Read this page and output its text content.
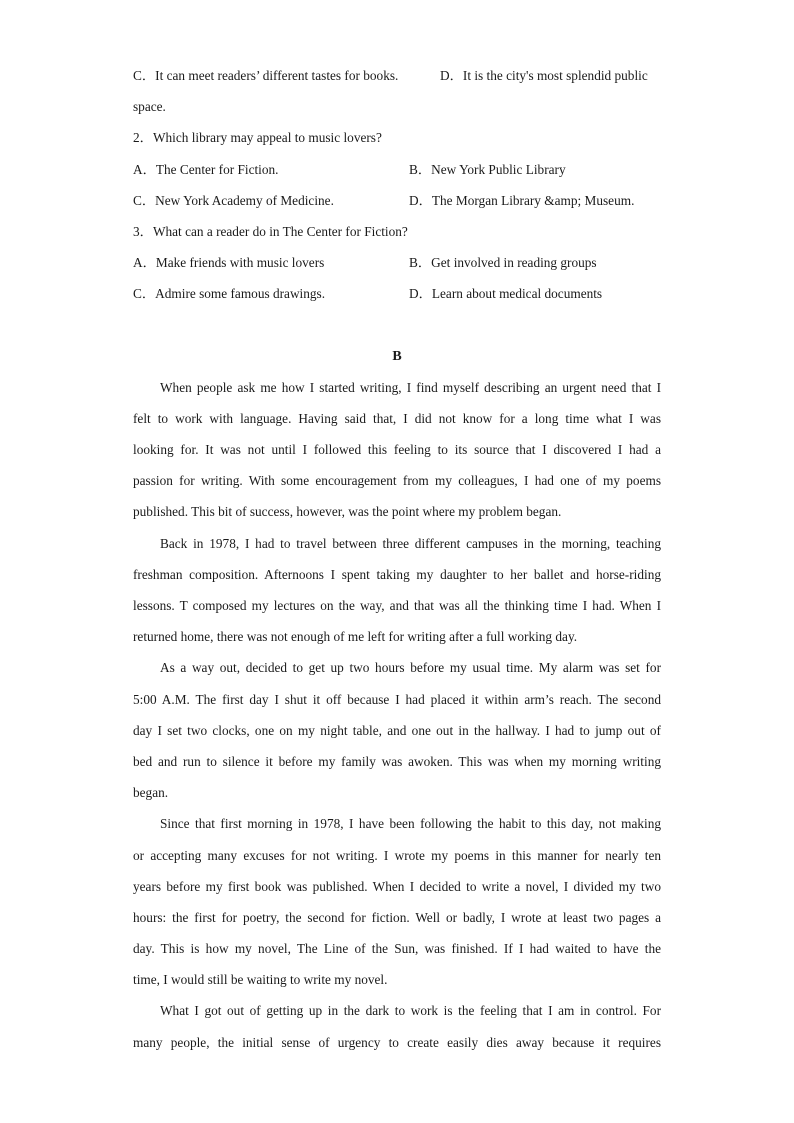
C．It can meet readers’ different tastes for books.	D．It is the city's most splendid public
space.
2．Which library may appeal to music lovers?
A．The Center for Fiction.	B．New York Public Library
C．New York Academy of Medicine.	D．The Morgan Library &amp; Museum.
3．What can a reader do in The Center for Fiction?
A．Make friends with music lovers	B．Get involved in reading groups
C．Admire some famous drawings.	D．Learn about medical documents
B
When people ask me how I started writing, I find myself describing an urgent need that I
felt to work with language. Having said that, I did not know for a long time what I was
looking for. It was not until I followed this feeling to its source that I discovered I had a
passion for writing. With some encouragement from my colleagues, I had one of my poems
published. This bit of success, however, was the point where my problem began.
Back in 1978, I had to travel between three different campuses in the morning, teaching
freshman composition. Afternoons I spent taking my daughter to her ballet and horse-riding
lessons. T composed my lectures on the way, and that was all the thinking time I had. When I
returned home, there was not enough of me left for writing after a full working day.
As a way out, decided to get up two hours before my usual time. My alarm was set for
5:00 A.M. The first day I shut it off because I had placed it within arm’s reach. The second
day I set two clocks, one on my night table, and one out in the hallway. I had to jump out of
bed and run to silence it before my family was awoken. This was when my morning writing
began.
Since that first morning in 1978, I have been following the habit to this day, not making
or accepting many excuses for not writing. I wrote my poems in this manner for nearly ten
years before my first book was published. When I decided to write a novel, I divided my two
hours: the first for poetry, the second for fiction. Well or badly, I wrote at least two pages a
day. This is how my novel, The Line of the Sun, was finished. If I had waited to have the
time, I would still be waiting to write my novel.
What I got out of getting up in the dark to work is the feeling that I am in control. For
many people, the initial sense of urgency to create easily dies away because it requires
